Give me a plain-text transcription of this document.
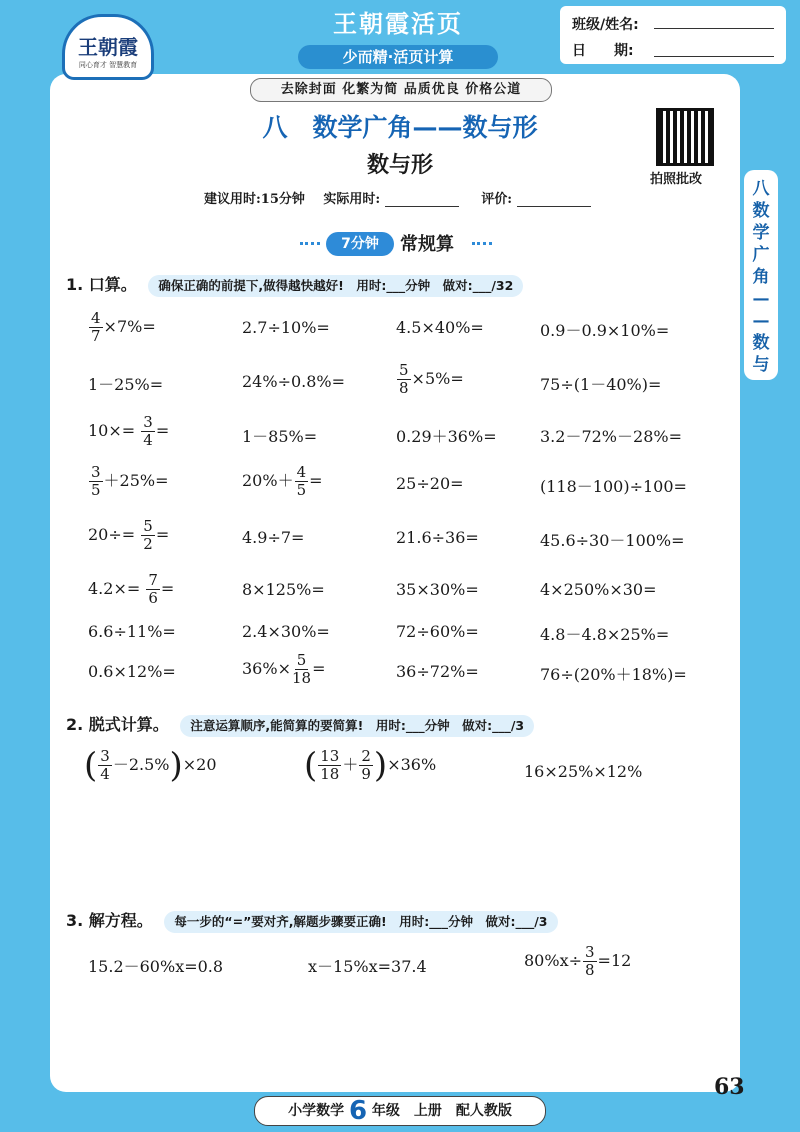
王朝霞
同心育才 智慧教育
王朝霞活页
少而精·活页计算
班级/姓名:
日　　期:
去除封面 化繁为简 品质优良 价格公道
八　数学广角——数与形
数与形
拍照批改	八
数
学
广
角
—
—
数
与
建议用时:15分钟 实际用时:	评价:
7分钟	常规算
1. 口算。 确保正确的前提下,做得越快越好!　用时:___分钟　做对:___/32
$\frac{4}{7} \times 7\%=$	2.7÷10%=	4.5×40%=	0.9－0.9×10%=
1－25%=	24%÷0.8%=	$\frac{5}{8} \times 5\%=$	75÷(1－40%)=
$10\times= \frac{3}{4}$ =	1－85%=	0.29＋36%=	3.2－72%－28%=
$\frac{3}{5} +25\%=$	$20\%+ \frac{4}{5}$ =	25÷20=	(118－100)÷100=
$20\div= \frac{5}{2}$ =	4.9÷7=	21.6÷36=	45.6÷30－100%=
$4.2\times= \frac{7}{6}$ =	8×125%=	35×30%=	4×250%×30=
6.6÷11%=	2.4×30%=	72÷60%=	4.8－4.8×25%=
0.6×12%=	$36\%\times \frac{5}{18}$ =	36÷72%=	76÷(20%＋18%)=
2. 脱式计算。 注意运算顺序,能简算的要简算!　用时:___分钟　做对:___/3
( $\frac{3}{4} -2.5\%)\times 20$	( $\frac{13}{18} + \frac{2}{9} )\times 36\%$	16×25%×12%
3. 解方程。 每一步的“=”要对齐,解题步骤要正确!　用时:___分钟　做对:___/3
15.2－60%x=0.8	x－15%x=37.4	$80\%x\div \frac{3}{8} =12$
小学数学 6 年级　上册　配人教版
63
